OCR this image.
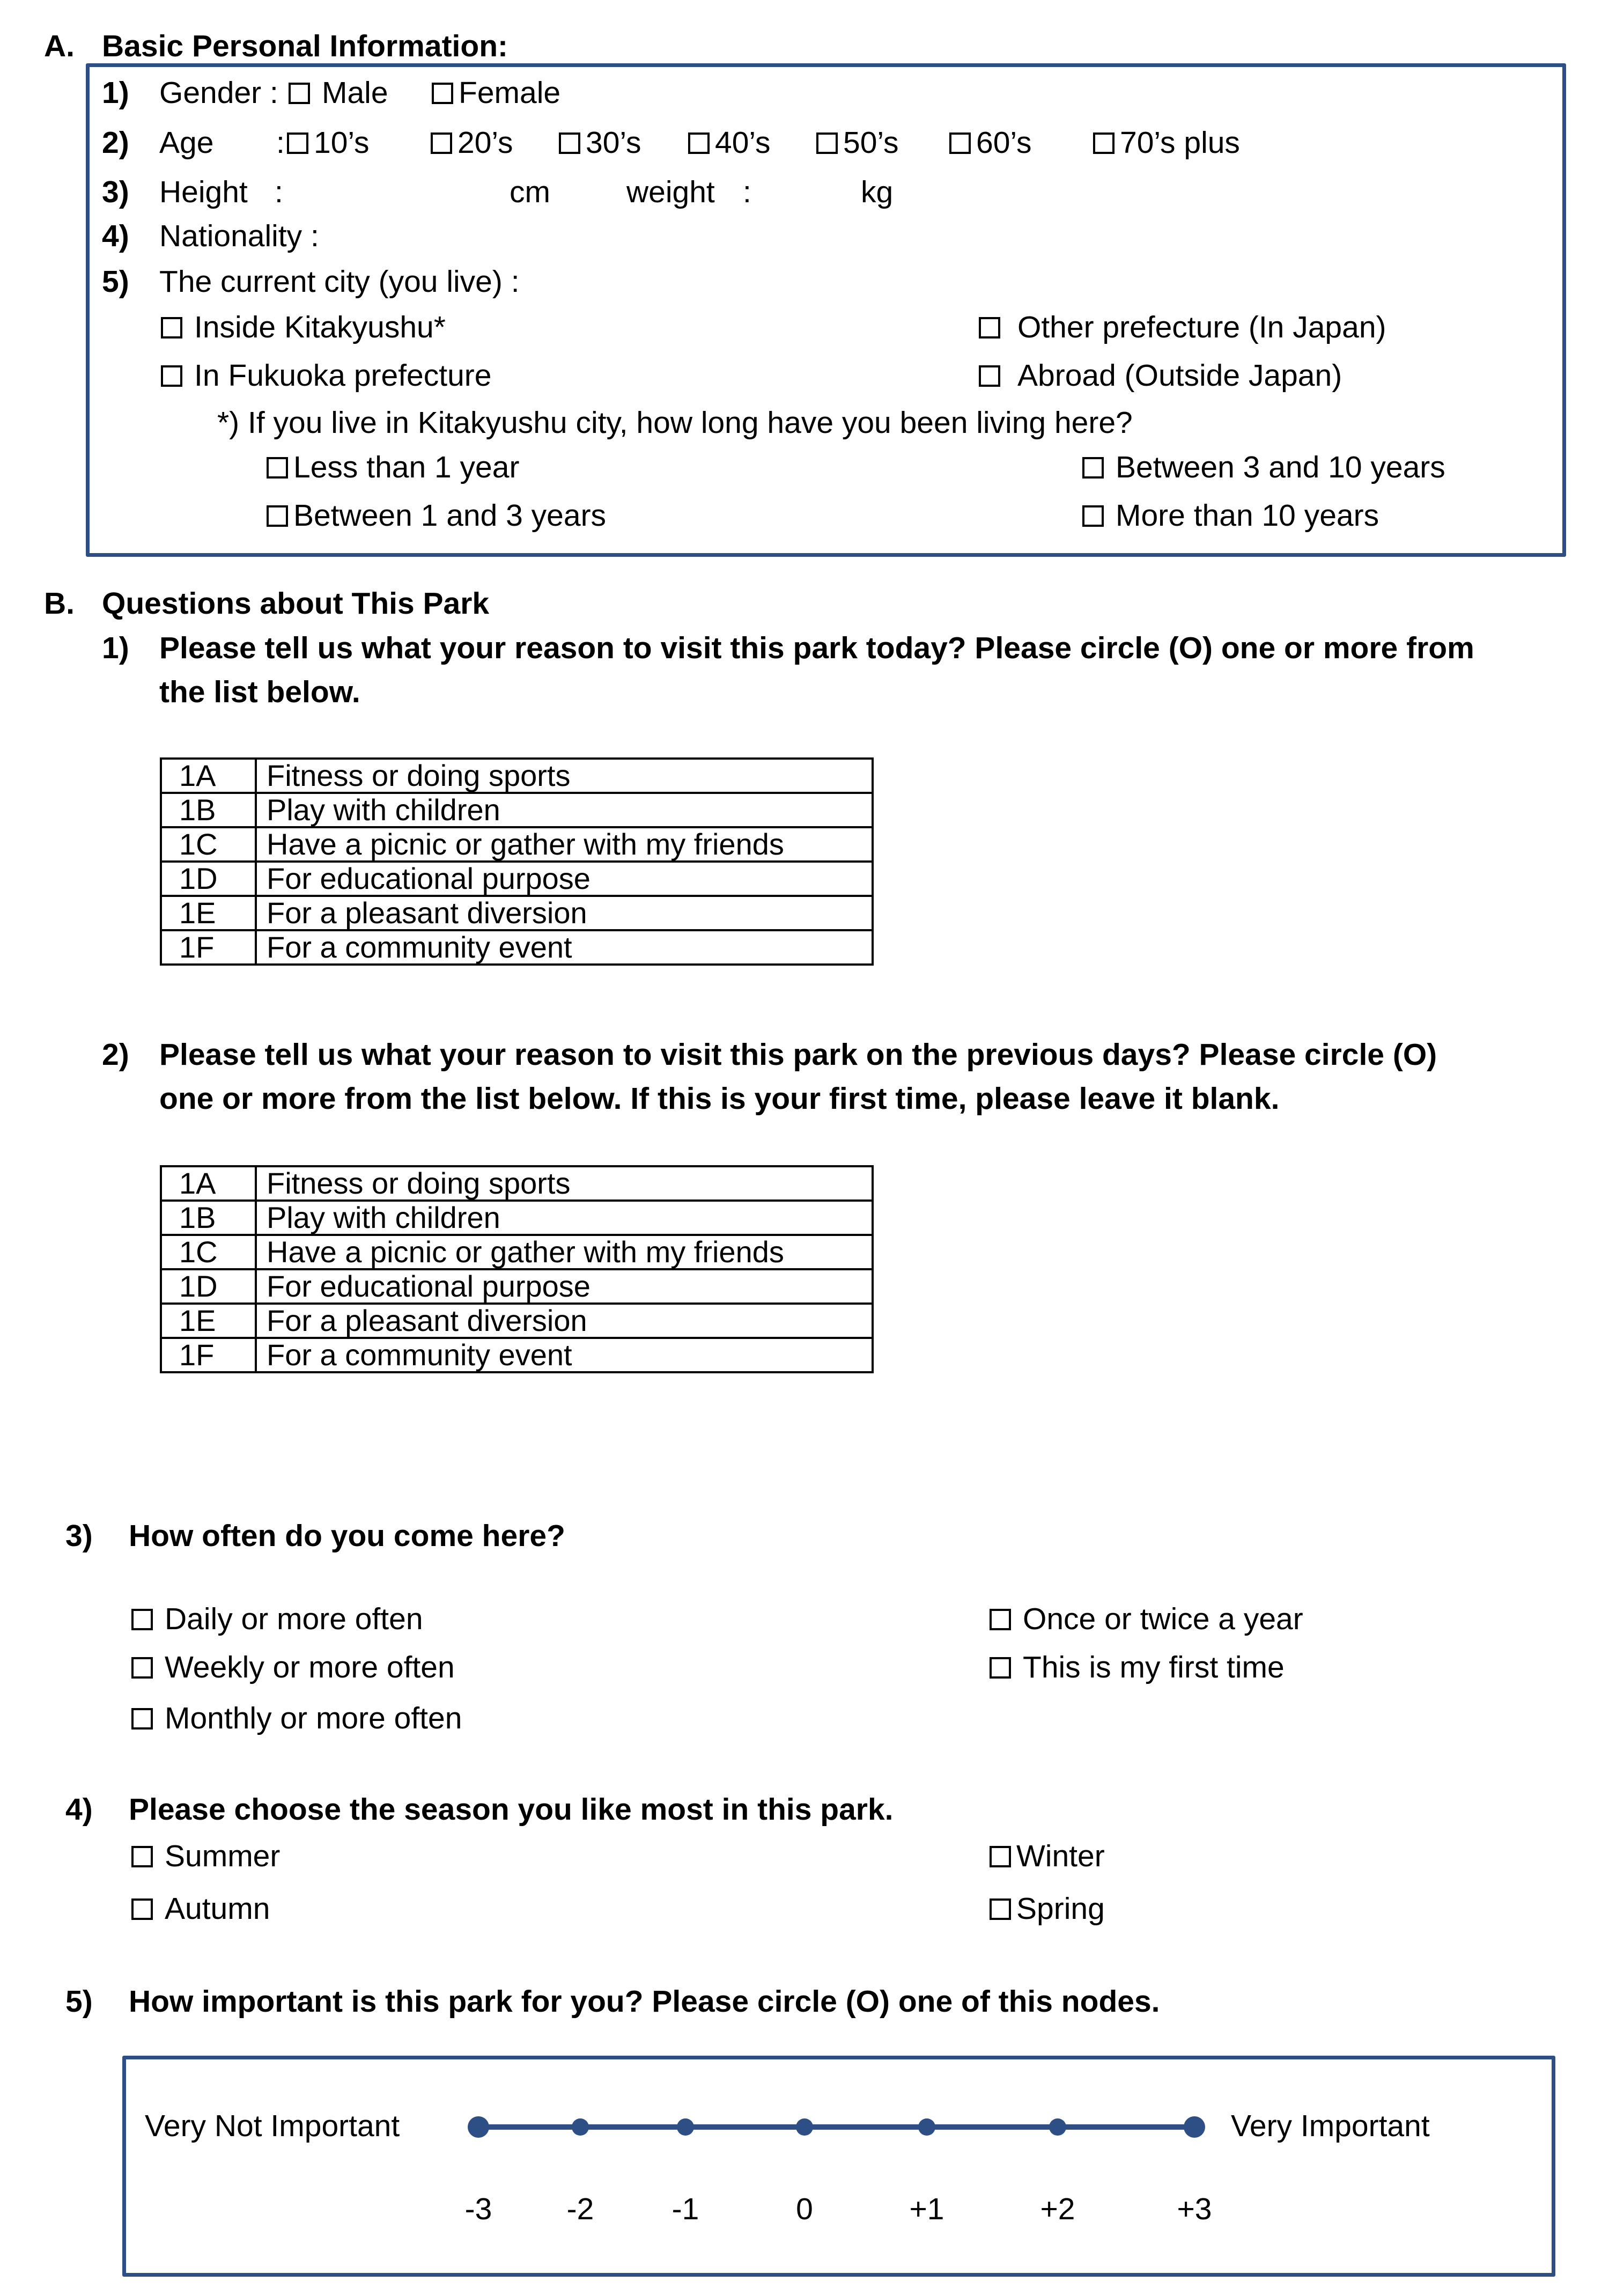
A. Basic Personal Information:
1) Gender : Male Female
2) Age : 10’s	20’s 30’s 40’s 50’s	60’s	70’s plus
3) Height :	cm weight :	kg
4) Nationality :
5) The current city (you live) :
Inside Kitakyushu*	Other prefecture (In Japan)
In Fukuoka prefecture	Abroad (Outside Japan)
*) If you live in Kitakyushu city, how long have you been living here?
Less than 1 year	Between 3 and 10 years
Between 1 and 3 years	More than 10 years
B. Questions about This Park
1) Please tell us what your reason to visit this park today? Please circle (O) one or more from
the list below.
1A	Fitness or doing sports
1B	Play with children
1C	Have a picnic or gather with my friends
1D	For educational purpose
1E	For a pleasant diversion
1F	For a community event
2) Please tell us what your reason to visit this park on the previous days? Please circle (O)
one or more from the list below. If this is your first time, please leave it blank.
1A	Fitness or doing sports
1B	Play with children
1C	Have a picnic or gather with my friends
1D	For educational purpose
1E	For a pleasant diversion
1F	For a community event
3) How often do you come here?
Daily or more often	Once or twice a year
Weekly or more often	This is my first time
Monthly or more often
4) Please choose the season you like most in this park.
Summer	Winter
Autumn	Spring
5) How important is this park for you? Please circle (O) one of this nodes.
Very Not Important	Very Important
-3	-2	-1	0	+1	+2	+3
